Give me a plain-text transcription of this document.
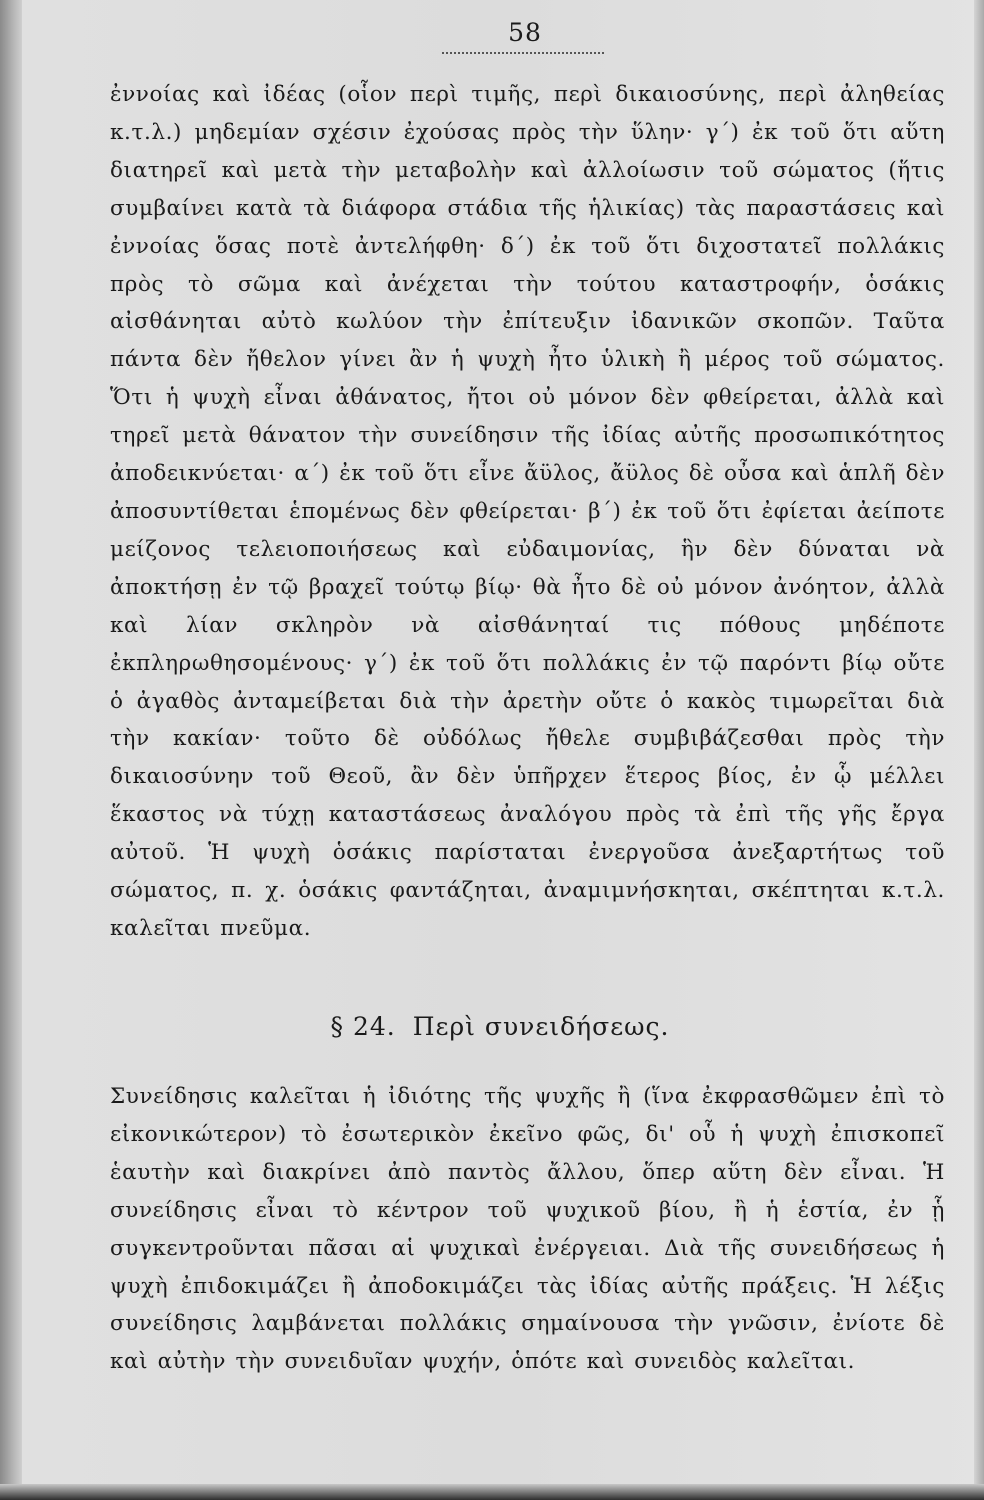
58
ἐννοίας καὶ ἰδέας (οἷον περὶ τιμῆς, περὶ δικαιοσύνης, περὶ ἀληθείας κ.τ.λ.) μηδεμίαν σχέσιν ἐχούσας πρὸς τὴν ὕλην· γ΄) ἐκ τοῦ ὅτι αὕτη διατηρεῖ καὶ μετὰ τὴν μεταβολὴν καὶ ἀλλοίωσιν τοῦ σώματος (ἥτις συμβαίνει κατὰ τὰ διάφορα στάδια τῆς ἡλικίας) τὰς παραστάσεις καὶ ἐννοίας ὅσας ποτὲ ἀντελήφθη· δ΄) ἐκ τοῦ ὅτι διχοστατεῖ πολλάκις πρὸς τὸ σῶμα καὶ ἀνέχεται τὴν τούτου καταστροφήν, ὁσάκις αἰσθάνηται αὐτὸ κωλύον τὴν ἐπίτευξιν ἰδανικῶν σκοπῶν. Ταῦτα πάντα δὲν ἤθελον γίνει ἂν ἡ ψυχὴ ἦτο ὑλικὴ ἢ μέρος τοῦ σώματος. Ὅτι ἡ ψυχὴ εἶναι ἀθάνατος, ἤτοι οὐ μόνον δὲν φθείρεται, ἀλλὰ καὶ τηρεῖ μετὰ θάνατον τὴν συνείδησιν τῆς ἰδίας αὐτῆς προσωπικότητος ἀποδεικνύεται· α΄) ἐκ τοῦ ὅτι εἶνε ἄϋλος, ἄϋλος δὲ οὖσα καὶ ἁπλῆ δὲν ἀποσυντίθεται ἑπομένως δὲν φθείρεται· β΄) ἐκ τοῦ ὅτι ἐφίεται ἀείποτε μείζονος τελειοποιήσεως καὶ εὐδαιμονίας, ἣν δὲν δύναται νὰ ἀποκτήσῃ ἐν τῷ βραχεῖ τούτῳ βίῳ· θὰ ἦτο δὲ οὐ μόνον ἀνόητον, ἀλλὰ καὶ λίαν σκληρὸν νὰ αἰσθάνηταί τις πόθους μηδέποτε ἐκπληρωθησομένους· γ΄) ἐκ τοῦ ὅτι πολλάκις ἐν τῷ παρόντι βίῳ οὔτε ὁ ἀγαθὸς ἀνταμείβεται διὰ τὴν ἀρετὴν οὔτε ὁ κακὸς τιμωρεῖται διὰ τὴν κακίαν· τοῦτο δὲ οὐδόλως ἤθελε συμβιβάζεσθαι πρὸς τὴν δικαιοσύνην τοῦ Θεοῦ, ἂν δὲν ὑπῆρχεν ἕτερος βίος, ἐν ᾧ μέλλει ἕκαστος νὰ τύχῃ καταστάσεως ἀναλόγου πρὸς τὰ ἐπὶ τῆς γῆς ἔργα αὐτοῦ. Ἡ ψυχὴ ὁσάκις παρίσταται ἐνεργοῦσα ἀνεξαρτήτως τοῦ σώματος, π. χ. ὁσάκις φαντάζηται, ἀναμιμνήσκηται, σκέπτηται κ.τ.λ. καλεῖται πνεῦμα.
§ 24. Περὶ συνειδήσεως.
Συνείδησις καλεῖται ἡ ἰδιότης τῆς ψυχῆς ἢ (ἵνα ἐκφρασθῶμεν ἐπὶ τὸ εἰκονικώτερον) τὸ ἐσωτερικὸν ἐκεῖνο φῶς, δι' οὗ ἡ ψυχὴ ἐπισκοπεῖ ἑαυτὴν καὶ διακρίνει ἀπὸ παντὸς ἄλλου, ὅπερ αὕτη δὲν εἶναι. Ἡ συνείδησις εἶναι τὸ κέντρον τοῦ ψυχικοῦ βίου, ἢ ἡ ἑστία, ἐν ᾗ συγκεντροῦνται πᾶσαι αἱ ψυχικαὶ ἐνέργειαι. Διὰ τῆς συνειδήσεως ἡ ψυχὴ ἐπιδοκιμάζει ἢ ἀποδοκιμάζει τὰς ἰδίας αὐτῆς πράξεις. Ἡ λέξις συνείδησις λαμβάνεται πολλάκις σημαίνουσα τὴν γνῶσιν, ἐνίοτε δὲ καὶ αὐτὴν τὴν συνειδυῖαν ψυχήν, ὁπότε καὶ συνειδὸς καλεῖται.
